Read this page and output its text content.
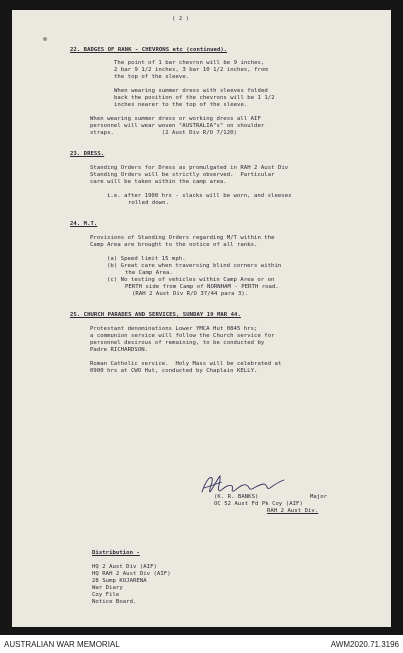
( 2 )
22. BADGES OF RANK - CHEVRONS etc (continued).
The point of 1 bar chevron will be 9 inches,
2 bar 9 1/2 inches, 3 bar 10 1/2 inches, from
the top of the sleeve.
When wearing summer dress with sleeves folded
back the position of the chevrons will be 1 1/2
inches nearer to the top of the sleeve.
When wearing summer dress or working dress all AIF
personnel will wear woven "AUSTRALIA"s" on shoulder
straps.              (2 Aust Div R/O 7/120)
23. DRESS.
Standing Orders for Dress as promulgated in RAH 2 Aust Div
Standing Orders will be strictly observed.  Particular
care will be taken within the camp area.
i.e. after 1900 hrs - slacks will be worn, and sleeves
rolled down.
24. M.T.
Provisions of Standing Orders regarding M/T within the
Camp Area are brought to the notice of all ranks.
(a) Speed limit 15 mph.
(b) Great care when traversing blind corners within
the Camp Area.
(c) No testing of vehicles within Camp Area or on
PERTH side from Camp of NORNHAM - PERTH road.
(RAH 2 Aust Div R/O 37/44 para 3).
25. CHURCH PARADES AND SERVICES, SUNDAY 19 MAR 44.
Protestant denominations Lower YMCA Hut 0845 hrs;
a communion service will follow the Church service for
personnel desirous of remaining, to be conducted by
Padre RICHARDSON.
Roman Catholic service.  Holy Mass will be celebrated at
0900 hrs at CWO Hut, conducted by Chaplain KELLY.
(K. R. BANKS)	Major
OC 52 Aust Fd Pk Coy (AIF)
RAH 2 Aust Div.
Distribution -
HQ 2 Aust Div (AIF)
HQ RAH 2 Aust Div (AIF)
28 Sump KOJARENA
War Diary
Coy File
Notice Board.
AUSTRALIAN WAR MEMORIAL	AWM2020.71.3196
